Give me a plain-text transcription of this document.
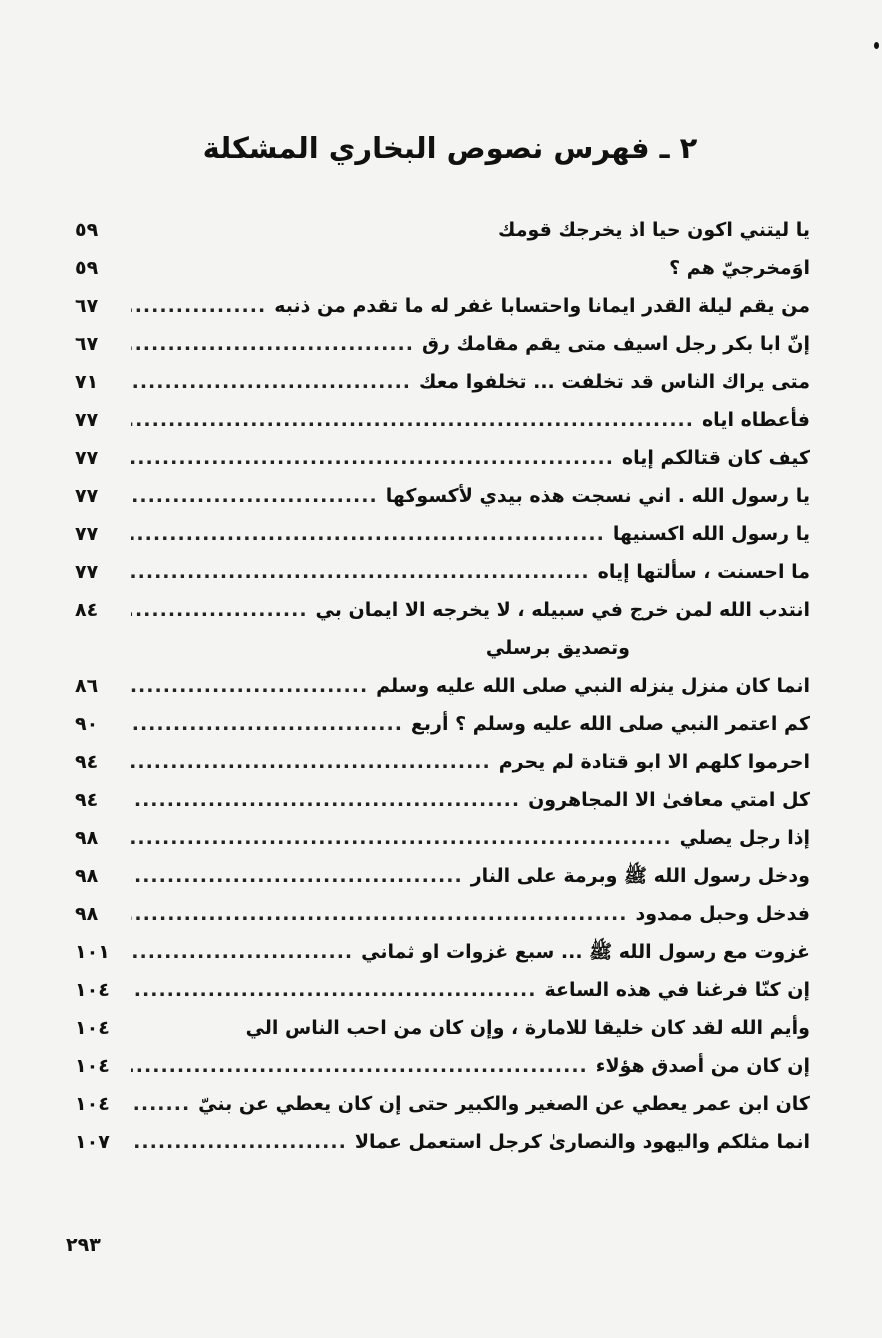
٢ ـ فهرس نصوص البخاري المشكلة
يا ليتني اكون حيا اذ يخرجك قومك
٥٩
اوَمخرجيّ هم ؟
٥٩
من يقم ليلة القدر ايمانا واحتسابا غفر له ما تقدم من ذنبه
.....
٦٧
إنّ ابا بكر رجل اسيف متى يقم مقامك رق
.....
٦٧
متى يراك الناس قد تخلفت ... تخلفوا معك
.....
٧١
فأعطاه اياه
.....
٧٧
كيف كان قتالكم إياه
.....
٧٧
يا رسول الله . اني نسجت هذه بيدي لأكسوكها
.....
٧٧
يا رسول الله اكسنيها
.....
٧٧
ما احسنت ، سألتها إياه
.....
٧٧
انتدب الله لمن خرج في سبيله ، لا يخرجه الا ايمان بي
.....
٨٤
وتصديق برسلي
انما كان منزل ينزله النبي صلى الله عليه وسلم
.....
٨٦
كم اعتمر النبي صلى الله عليه وسلم ؟ أربع
.....
٩٠
احرموا كلهم الا ابو قتادة لم يحرم
.....
٩٤
كل امتي معافىٰ الا المجاهرون
.....
٩٤
إذا رجل يصلي
.....
٩٨
ودخل رسول الله ﷺ وبرمة على النار
.....
٩٨
فدخل وحبل ممدود
.....
٩٨
غزوت مع رسول الله ﷺ ... سبع غزوات او ثماني
.....
١٠١
إن كنّا فرغنا في هذه الساعة
.....
١٠٤
وأيم الله لقد كان خليقا للامارة ، وإن كان من احب الناس الي
١٠٤
إن كان من أصدق هؤلاء
.....
١٠٤
كان ابن عمر يعطي عن الصغير والكبير حتى إن كان يعطي عن بنيّ
.....
١٠٤
انما مثلكم واليهود والنصارىٰ كرجل استعمل عمالا
.....
١٠٧
٢٩٣
